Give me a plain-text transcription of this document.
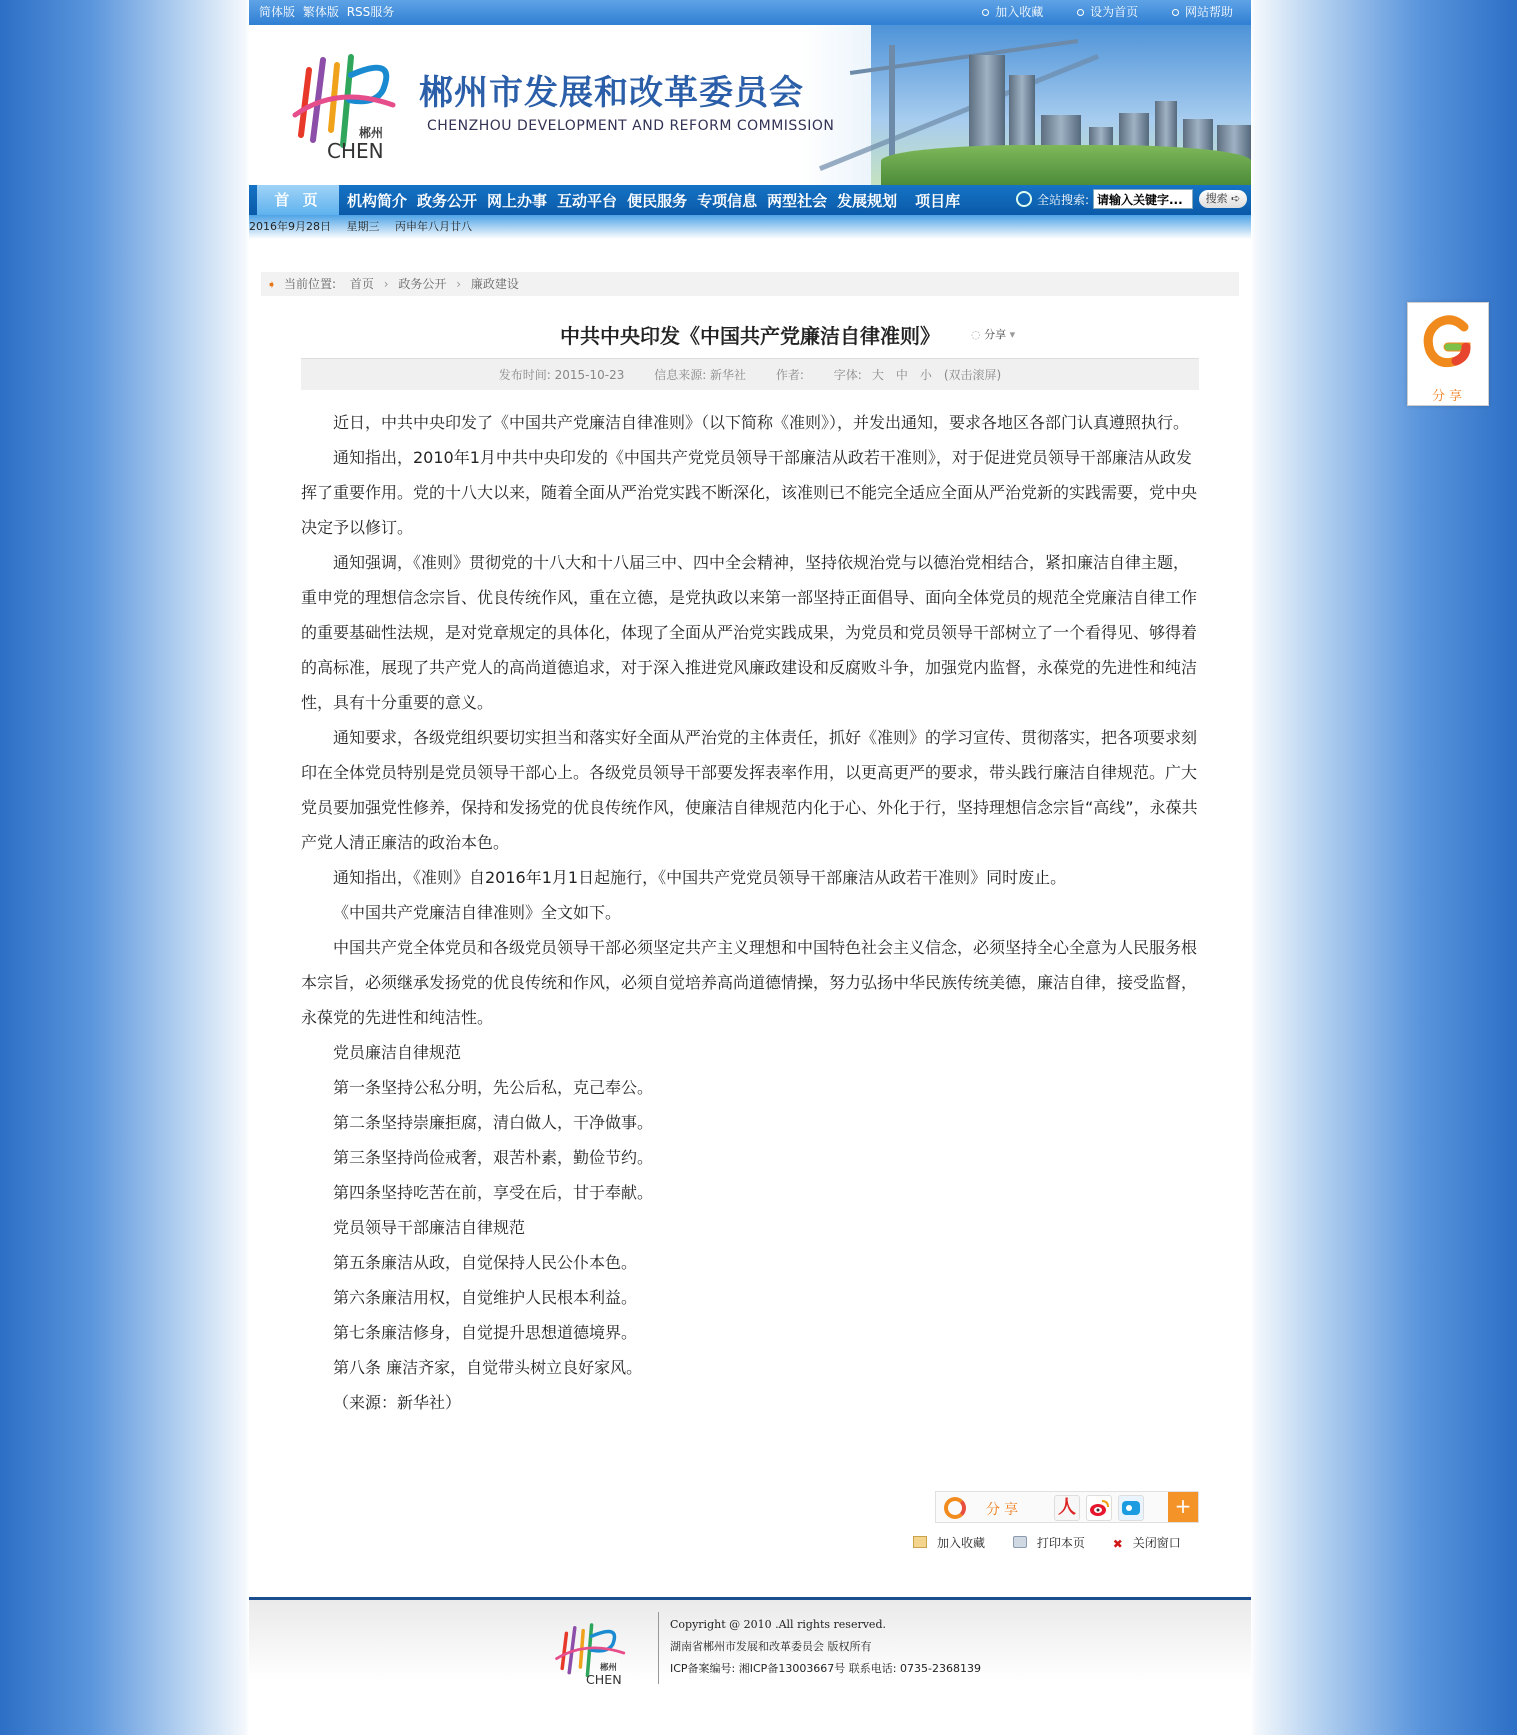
简体版 繁体版 RSS服务	加入收藏	设为首页	网站帮助
郴州
CHEN
郴州市发展和改革委员会
CHENZHOU DEVELOPMENT AND REFORM COMMISSION
首 页	机构简介 政务公开 网上办事 互动平台 便民服务 专项信息 两型社会 发展规划 项目库	全站搜索:
请输入关键字...	搜索 ➪
2016年9月28日 星期三 丙申年八月廿八
➧ 当前位置: 首页 › 政务公开 › 廉政建设
中共中央印发《中国共产党廉洁自律准则》	◌ 分享 ▾
发布时间: 2015-10-23 信息来源: 新华社 作者: 字体: 大 中 小 (双击滚屏)

近日，中共中央印发了《中国共产党廉洁自律准则》（以下简称《准则》），并发出通知，要求各地区各部门认真遵照执行。

通知指出，2010年1月中共中央印发的《中国共产党党员领导干部廉洁从政若干准则》，对于促进党员领导干部廉洁从政发挥了重要作用。党的十八大以来，随着全面从严治党实践不断深化，该准则已不能完全适应全面从严治党新的实践需要，党中央决定予以修订。

通知强调，《准则》贯彻党的十八大和十八届三中、四中全会精神，坚持依规治党与以德治党相结合，紧扣廉洁自律主题，重申党的理想信念宗旨、优良传统作风，重在立德，是党执政以来第一部坚持正面倡导、面向全体党员的规范全党廉洁自律工作的重要基础性法规，是对党章规定的具体化，体现了全面从严治党实践成果，为党员和党员领导干部树立了一个看得见、够得着的高标准，展现了共产党人的高尚道德追求，对于深入推进党风廉政建设和反腐败斗争，加强党内监督，永葆党的先进性和纯洁性，具有十分重要的意义。

通知要求，各级党组织要切实担当和落实好全面从严治党的主体责任，抓好《准则》的学习宣传、贯彻落实，把各项要求刻印在全体党员特别是党员领导干部心上。各级党员领导干部要发挥表率作用，以更高更严的要求，带头践行廉洁自律规范。广大党员要加强党性修养，保持和发扬党的优良传统作风，使廉洁自律规范内化于心、外化于行，坚持理想信念宗旨“高线”，永葆共产党人清正廉洁的政治本色。

通知指出，《准则》自2016年1月1日起施行，《中国共产党党员领导干部廉洁从政若干准则》同时废止。

《中国共产党廉洁自律准则》全文如下。

中国共产党全体党员和各级党员领导干部必须坚定共产主义理想和中国特色社会主义信念，必须坚持全心全意为人民服务根本宗旨，必须继承发扬党的优良传统和作风，必须自觉培养高尚道德情操，努力弘扬中华民族传统美德，廉洁自律，接受监督，永葆党的先进性和纯洁性。

党员廉洁自律规范

第一条坚持公私分明，先公后私，克己奉公。

第二条坚持崇廉拒腐，清白做人，干净做事。

第三条坚持尚俭戒奢，艰苦朴素，勤俭节约。

第四条坚持吃苦在前，享受在后，甘于奉献。

党员领导干部廉洁自律规范

第五条廉洁从政，自觉保持人民公仆本色。

第六条廉洁用权，自觉维护人民根本利益。

第七条廉洁修身，自觉提升思想道德境界。

第八条 廉洁齐家，自觉带头树立良好家风。

（来源：新华社）

分享 人	+
加入收藏	打印本页 ✖ 关闭窗口
郴州
CHEN
Copyright @ 2010 .All rights reserved.
湖南省郴州市发展和改革委员会 版权所有
ICP备案编号: 湘ICP备13003667号 联系电话: 0735-2368139
分享
